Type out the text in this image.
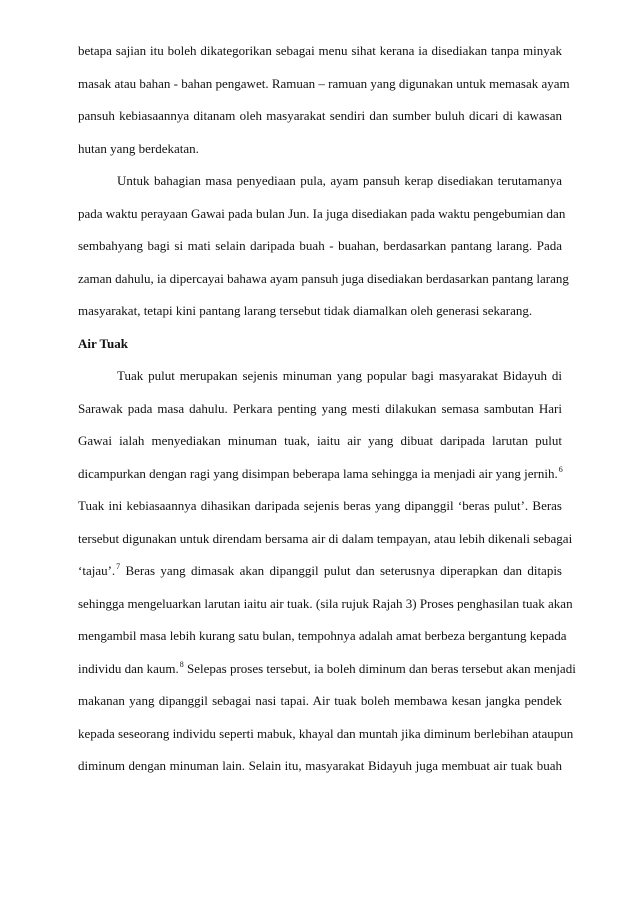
betapa sajian itu boleh dikategorikan sebagai menu sihat kerana ia disediakan tanpa minyak
masak atau bahan - bahan pengawet. Ramuan – ramuan yang digunakan untuk memasak ayam
pansuh kebiasaannya ditanam oleh masyarakat sendiri dan sumber buluh dicari di kawasan
hutan yang berdekatan.
Untuk bahagian masa penyediaan pula, ayam pansuh kerap disediakan terutamanya
pada waktu perayaan Gawai pada bulan Jun. Ia juga disediakan pada waktu pengebumian dan
sembahyang bagi si mati selain daripada buah - buahan, berdasarkan pantang larang. Pada
zaman dahulu, ia dipercayai bahawa ayam pansuh juga disediakan berdasarkan pantang larang
masyarakat, tetapi kini pantang larang tersebut tidak diamalkan oleh generasi sekarang.
Air Tuak
Tuak pulut merupakan sejenis minuman yang popular bagi masyarakat Bidayuh di
Sarawak pada masa dahulu. Perkara penting yang mesti dilakukan semasa sambutan Hari
Gawai ialah menyediakan minuman tuak, iaitu air yang dibuat daripada larutan pulut
dicampurkan dengan ragi yang disimpan beberapa lama sehingga ia menjadi air yang jernih.$^6$
Tuak ini kebiasaannya dihasikan daripada sejenis beras yang dipanggil ‘beras pulut’. Beras
tersebut digunakan untuk direndam bersama air di dalam tempayan, atau lebih dikenali sebagai
‘tajau’.$^7$ Beras yang dimasak akan dipanggil pulut dan seterusnya diperapkan dan ditapis
sehingga mengeluarkan larutan iaitu air tuak. (sila rujuk Rajah 3) Proses penghasilan tuak akan
mengambil masa lebih kurang satu bulan, tempohnya adalah amat berbeza bergantung kepada
individu dan kaum.$^8$ Selepas proses tersebut, ia boleh diminum dan beras tersebut akan menjadi
makanan yang dipanggil sebagai nasi tapai. Air tuak boleh membawa kesan jangka pendek
kepada seseorang individu seperti mabuk, khayal dan muntah jika diminum berlebihan ataupun
diminum dengan minuman lain. Selain itu, masyarakat Bidayuh juga membuat air tuak buah
